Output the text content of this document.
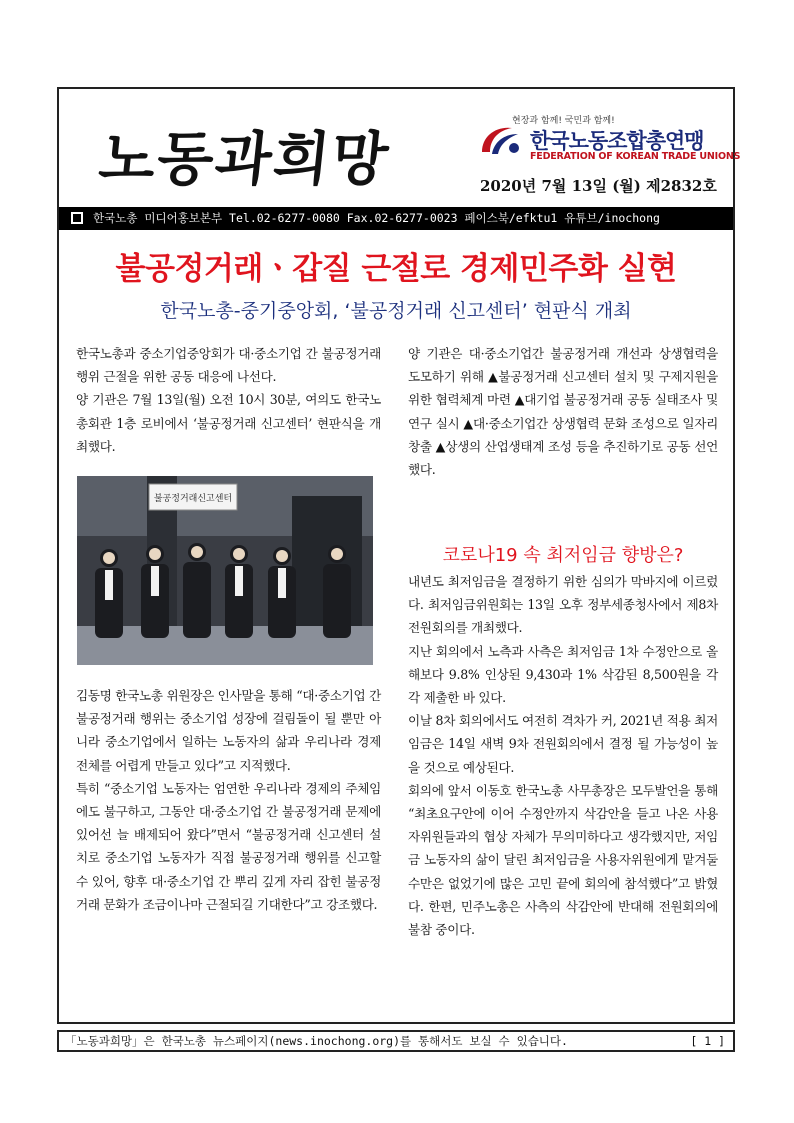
노동과희망
현장과 함께! 국민과 함께!
한국노동조합총연맹
FEDERATION OF KOREAN TRADE UNIONS
2020년 7월 13일 (월) 제2832호
한국노총 미디어홍보본부 Tel.02-6277-0080 Fax.02-6277-0023 페이스북/efktu1 유튜브/inochong
불공정거래ㆍ갑질 근절로 경제민주화 실현
한국노총-중기중앙회, ‘불공정거래 신고센터’ 현판식 개최

한국노총과 중소기업중앙회가 대·중소기업 간 불공정거래행위 근절을 위한 공동 대응에 나선다.

양 기관은 7월 13일(월) 오전 10시 30분, 여의도 한국노총회관 1층 로비에서 ‘불공정거래 신고센터’ 현판식을 개최했다.

불공정거래신고센터

김동명 한국노총 위원장은 인사말을 통해 “대·중소기업 간 불공정거래 행위는 중소기업 성장에 걸림돌이 될 뿐만 아니라 중소기업에서 일하는 노동자의 삶과 우리나라 경제 전체를 어렵게 만들고 있다”고 지적했다.

특히 “중소기업 노동자는 엄연한 우리나라 경제의 주체임에도 불구하고, 그동안 대·중소기업 간 불공정거래 문제에 있어선 늘 배제되어 왔다”면서 “불공정거래 신고센터 설치로 중소기업 노동자가 직접 불공정거래 행위를 신고할 수 있어, 향후 대·중소기업 간 뿌리 깊게 자리 잡힌 불공정거래 문화가 조금이나마 근절되길 기대한다”고 강조했다.

양 기관은 대·중소기업간 불공정거래 개선과 상생협력을 도모하기 위해 ▲불공정거래 신고센터 설치 및 구제지원을 위한 협력체계 마련 ▲대기업 불공정거래 공동 실태조사 및 연구 실시 ▲대·중소기업간 상생협력 문화 조성으로 일자리 창출 ▲상생의 산업생태계 조성 등을 추진하기로 공동 선언했다.

코로나19 속 최저임금 향방은?

내년도 최저임금을 결정하기 위한 심의가 막바지에 이르렀다. 최저임금위원회는 13일 오후 정부세종청사에서 제8차 전원회의를 개최했다.

지난 회의에서 노측과 사측은 최저임금 1차 수정안으로 올해보다 9.8% 인상된 9,430과 1% 삭감된 8,500원을 각각 제출한 바 있다.

이날 8차 회의에서도 여전히 격차가 커, 2021년 적용 최저임금은 14일 새벽 9차 전원회의에서 결정 될 가능성이 높을 것으로 예상된다.

회의에 앞서 이동호 한국노총 사무총장은 모두발언을 통해 “최초요구안에 이어 수정안까지 삭감안을 들고 나온 사용자위원들과의 협상 자체가 무의미하다고 생각했지만, 저임금 노동자의 삶이 달린 최저임금을 사용자위원에게 맡겨둘 수만은 없었기에 많은 고민 끝에 회의에 참석했다”고 밝혔다. 한편, 민주노총은 사측의 삭감안에 반대해 전원회의에 불참 중이다.

「노동과희망」은 한국노총 뉴스페이지(news.inochong.org)를 통해서도 보실 수 있습니다.	[ 1 ]
